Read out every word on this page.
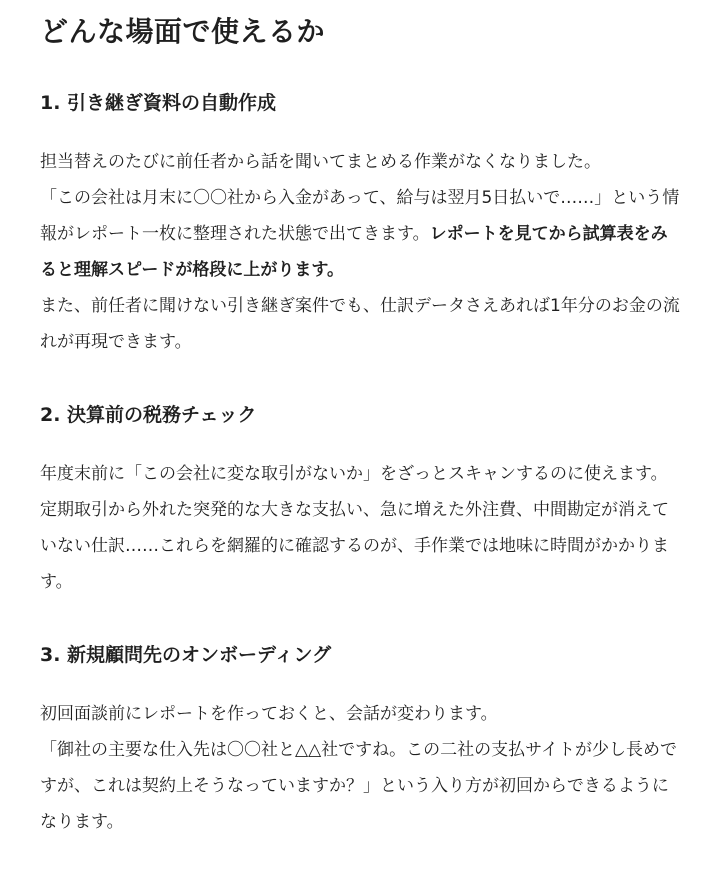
どんな場面で使えるか
1. 引き継ぎ資料の自動作成

担当替えのたびに前任者から話を聞いてまとめる作業がなくなりました。

「この会社は月末に〇〇社から入金があって、給与は翌月5日払いで……」という情報がレポート一枚に整理された状態で出てきます。レポートを見てから試算表をみると理解スピードが格段に上がります。

また、前任者に聞けない引き継ぎ案件でも、仕訳データさえあれば1年分のお金の流れが再現できます。

2. 決算前の税務チェック

年度末前に「この会社に変な取引がないか」をざっとスキャンするのに使えます。

定期取引から外れた突発的な大きな支払い、急に増えた外注費、中間勘定が消えていない仕訳……これらを網羅的に確認するのが、手作業では地味に時間がかかります。

3. 新規顧問先のオンボーディング

初回面談前にレポートを作っておくと、会話が変わります。

「御社の主要な仕入先は〇〇社と△△社ですね。この二社の支払サイトが少し長めですが、これは契約上そうなっていますか？」という入り方が初回からできるようになります。
